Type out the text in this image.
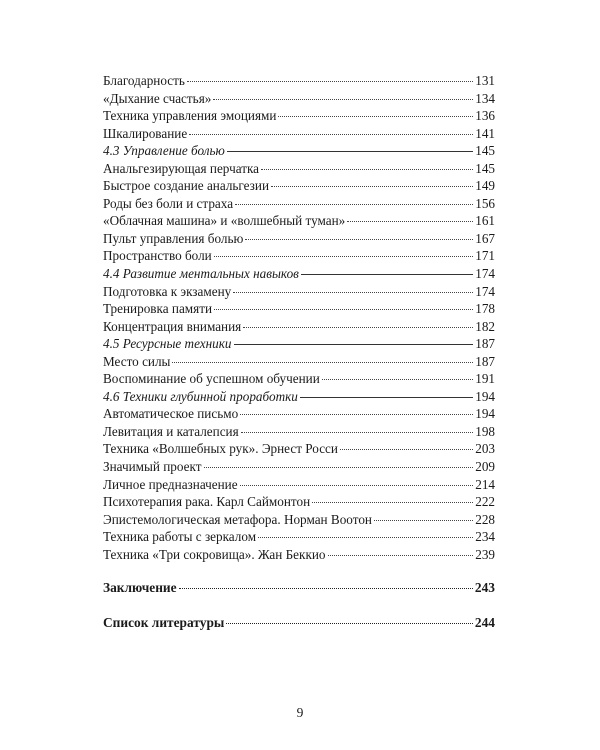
Благодарность	131
«Дыхание счастья»	134
Техника управления эмоциями	136
Шкалирование	141
4.3 Управление болью	145
Анальгезирующая перчатка	145
Быстрое создание анальгезии	149
Роды без боли и страха	156
«Облачная машина» и «волшебный туман»	161
Пульт управления болью	167
Пространство боли	171
4.4 Развитие ментальных навыков	174
Подготовка к экзамену	174
Тренировка памяти	178
Концентрация внимания	182
4.5 Ресурсные техники	187
Место силы	187
Воспоминание об успешном обучении	191
4.6 Техники глубинной проработки	194
Автоматическое письмо	194
Левитация и каталепсия	198
Техника «Волшебных рук». Эрнест Росси	203
Значимый проект	209
Личное предназначение	214
Психотерапия рака. Карл Саймонтон	222
Эпистемологическая метафора. Норман Воотон	228
Техника работы с зеркалом	234
Техника «Три сокровища». Жан Беккио	239
Заключение	243
Список литературы	244
9
